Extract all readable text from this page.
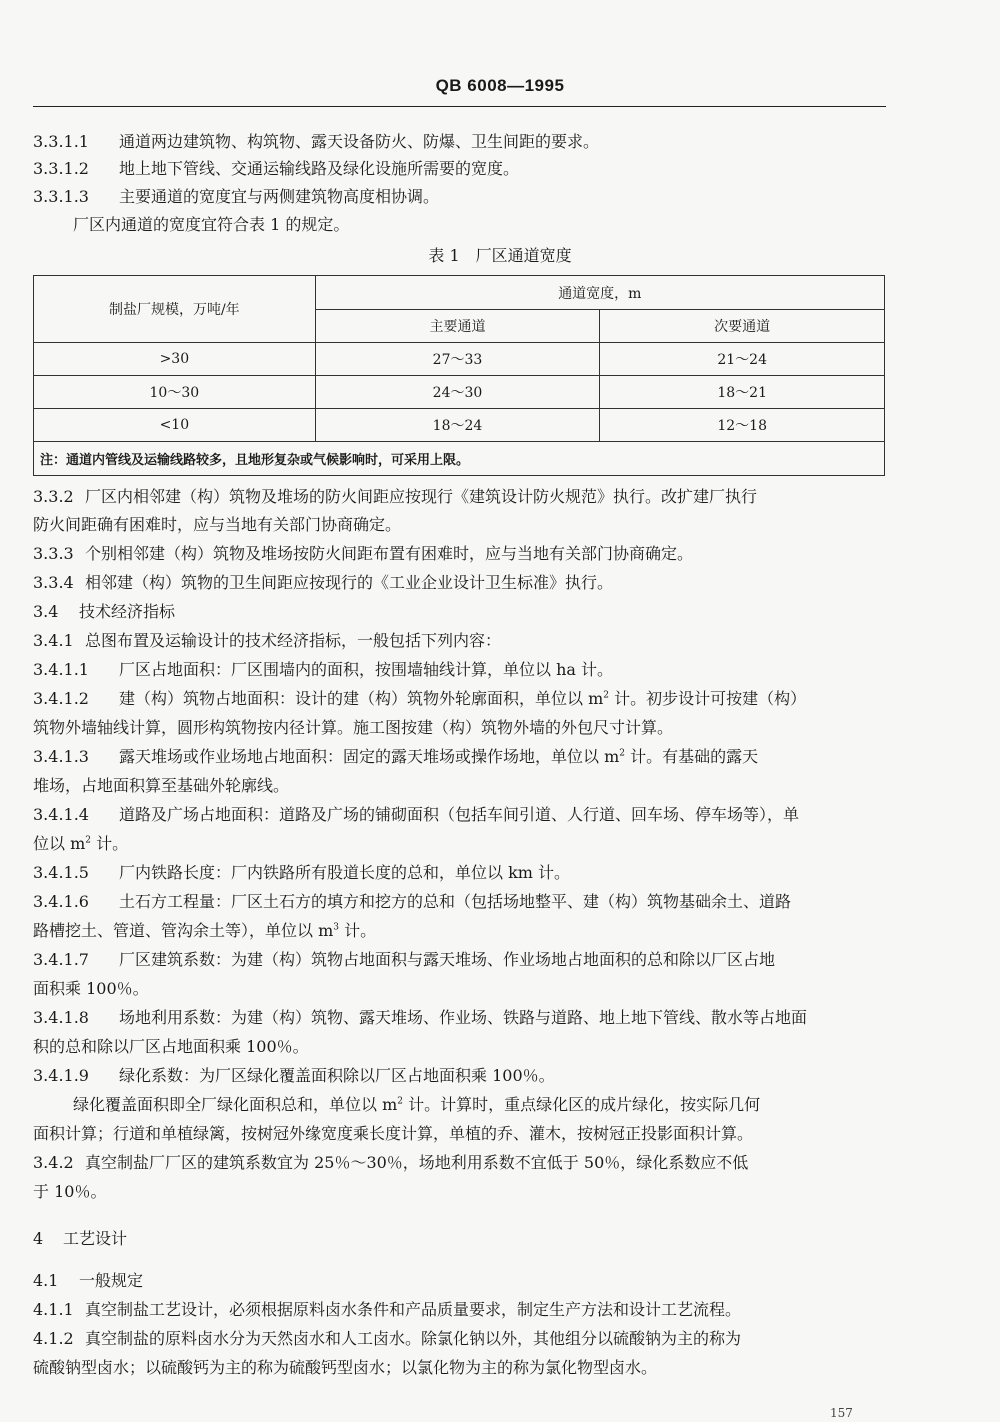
QB 6008—1995
3.3.1.1 通道两边建筑物、构筑物、露天设备防火、防爆、卫生间距的要求。
3.3.1.2 地上地下管线、交通运输线路及绿化设施所需要的宽度。
3.3.1.3 主要通道的宽度宜与两侧建筑物高度相协调。
厂区内通道的宽度宜符合表 1 的规定。
表 1　厂区通道宽度
制盐厂规模，万吨/年	通道宽度，m	
	主要通道	次要通道
>30	27～33	21～24
10～30	24～30	18～21
<10	18～24	12～18
注：通道内管线及运输线路较多，且地形复杂或气候影响时，可采用上限。		
3.3.2 厂区内相邻建（构）筑物及堆场的防火间距应按现行《建筑设计防火规范》执行。改扩建厂执行
防火间距确有困难时，应与当地有关部门协商确定。
3.3.3 个别相邻建（构）筑物及堆场按防火间距布置有困难时，应与当地有关部门协商确定。
3.3.4 相邻建（构）筑物的卫生间距应按现行的《工业企业设计卫生标准》执行。
3.4 技术经济指标
3.4.1 总图布置及运输设计的技术经济指标，一般包括下列内容：
3.4.1.1 厂区占地面积：厂区围墙内的面积，按围墙轴线计算，单位以 ha 计。
3.4.1.2 建（构）筑物占地面积：设计的建（构）筑物外轮廓面积，单位以 $m^2$ 计。初步设计可按建（构）
筑物外墙轴线计算，圆形构筑物按内径计算。施工图按建（构）筑物外墙的外包尺寸计算。
3.4.1.3 露天堆场或作业场地占地面积：固定的露天堆场或操作场地，单位以 $m^2$ 计。有基础的露天
堆场，占地面积算至基础外轮廓线。
3.4.1.4 道路及广场占地面积：道路及广场的铺砌面积（包括车间引道、人行道、回车场、停车场等），单
位以 $m^2$ 计。
3.4.1.5 厂内铁路长度：厂内铁路所有股道长度的总和，单位以 km 计。
3.4.1.6 土石方工程量：厂区土石方的填方和挖方的总和（包括场地整平、建（构）筑物基础余土、道路
路槽挖土、管道、管沟余土等），单位以 $m^3$ 计。
3.4.1.7 厂区建筑系数：为建（构）筑物占地面积与露天堆场、作业场地占地面积的总和除以厂区占地
面积乘 100％。
3.4.1.8 场地利用系数：为建（构）筑物、露天堆场、作业场、铁路与道路、地上地下管线、散水等占地面
积的总和除以厂区占地面积乘 100％。
3.4.1.9 绿化系数：为厂区绿化覆盖面积除以厂区占地面积乘 100％。
绿化覆盖面积即全厂绿化面积总和，单位以 $m^2$ 计。计算时，重点绿化区的成片绿化，按实际几何
面积计算；行道和单植绿篱，按树冠外缘宽度乘长度计算，单植的乔、灌木，按树冠正投影面积计算。
3.4.2 真空制盐厂厂区的建筑系数宜为 25％～30％，场地利用系数不宜低于 50％，绿化系数应不低
于 10％。
4 工艺设计
4.1 一般规定
4.1.1 真空制盐工艺设计，必须根据原料卤水条件和产品质量要求，制定生产方法和设计工艺流程。
4.1.2 真空制盐的原料卤水分为天然卤水和人工卤水。除氯化钠以外，其他组分以硫酸钠为主的称为
硫酸钠型卤水；以硫酸钙为主的称为硫酸钙型卤水；以氯化物为主的称为氯化物型卤水。
157
